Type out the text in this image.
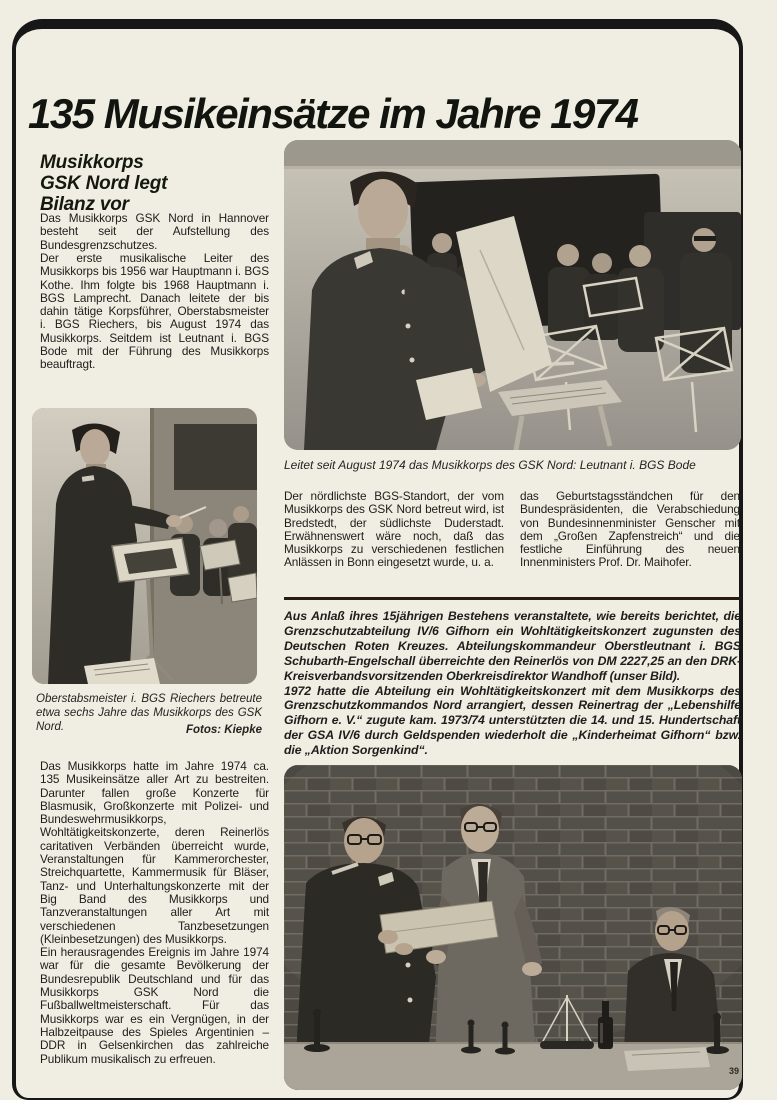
135 Musikeinsätze im Jahre 1974
Musikkorps
GSK Nord legt
Bilanz vor
Das Musikkorps GSK Nord in Hannover besteht seit der Aufstellung des Bundesgrenzschutzes.
Der erste musikalische Leiter des Musikkorps bis 1956 war Hauptmann i. BGS Kothe. Ihm folgte bis 1968 Hauptmann i. BGS Lamprecht. Danach leitete der bis dahin tätige Korpsführer, Oberstabsmeister i. BGS Riechers, bis August 1974 das Musikkorps. Seitdem ist Leutnant i. BGS Bode mit der Führung des Musikkorps beauftragt.
Oberstabsmeister i. BGS Riechers betreute etwa sechs Jahre das Musikkorps des GSK Nord.	Fotos: Kiepke

Das Musikkorps hatte im Jahre 1974 ca. 135 Musikeinsätze aller Art zu bestreiten. Darunter fallen große Konzerte für Blasmusik, Großkonzerte mit Polizei- und Bundeswehrmusikkorps, Wohltätigkeitskonzerte, deren Reinerlös caritativen Verbänden überreicht wurde, Veranstaltungen für Kammerorchester, Streichquartette, Kammermusik für Bläser, Tanz- und Unterhaltungskonzerte mit der Big Band des Musikkorps und Tanzveranstaltungen aller Art mit verschiedenen Tanzbesetzungen (Kleinbesetzungen) des Musikkorps.

Ein herausragendes Ereignis im Jahre 1974 war für die gesamte Bevölkerung der Bundesrepublik Deutschland und für das Musikkorps GSK Nord die Fußballweltmeisterschaft. Für das Musikkorps war es ein Vergnügen, in der Halbzeitpause des Spieles Argentinien – DDR in Gelsenkirchen das zahlreiche Publikum musikalisch zu erfreuen.

Leitet seit August 1974 das Musikkorps des GSK Nord: Leutnant i. BGS Bode
Der nördlichste BGS-Standort, der vom Musikkorps des GSK Nord betreut wird, ist Bredstedt, der südlichste Duderstadt. Erwähnenswert wäre noch, daß das Musikkorps zu verschiedenen festlichen Anlässen in Bonn eingesetzt wurde, u. a.
das Geburtstagsständchen für den Bundespräsidenten, die Verabschiedung von Bundesinnenminister Genscher mit dem „Großen Zapfenstreich“ und die festliche Einführung des neuen Innenministers Prof. Dr. Maihofer.

Aus Anlaß ihres 15jährigen Bestehens veranstaltete, wie bereits berichtet, die Grenzschutzabteilung IV/6 Gifhorn ein Wohltätigkeitskonzert zugunsten des Deutschen Roten Kreuzes. Abteilungskommandeur Oberstleutnant i. BGS Schubarth-Engelschall überreichte den Reinerlös von DM 2227,25 an den DRK-Kreisverbandsvorsitzenden Oberkreisdirektor Wandhoff (unser Bild).

1972 hatte die Abteilung ein Wohltätigkeitskonzert mit dem Musikkorps des Grenzschutzkommandos Nord arrangiert, dessen Reinertrag der „Lebenshilfe Gifhorn e. V.“ zugute kam. 1973/74 unterstützten die 14. und 15. Hundertschaft der GSA IV/6 durch Geldspenden wiederholt die „Kinderheimat Gifhorn“ bzw. die „Aktion Sorgenkind“.

39
